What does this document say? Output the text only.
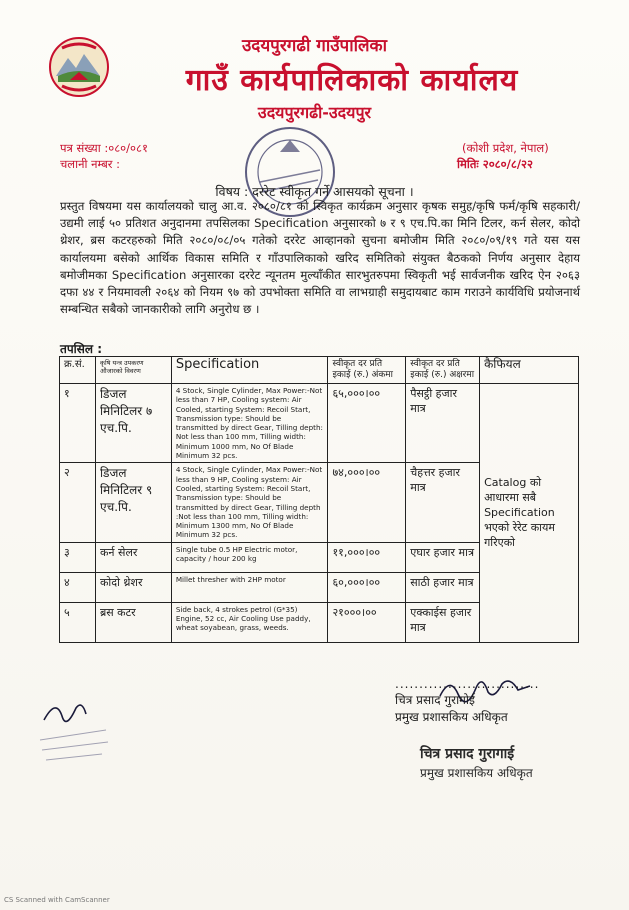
उदयपुरगढी गाउँपालिका
गाउँ कार्यपालिकाको कार्यालय
उदयपुरगढी-उदयपुर
पत्र संख्या :०८०/०८१
चलानी नम्बर :
(कोशी प्रदेश, नेपाल)
मितिः २०८०/८/२२
विषय : दररेट स्वीकृत गर्ने आसयको सूचना ।
प्रस्तुत विषयमा यस कार्यालयको चालु आ.व. २०८०/८१ को स्विकृत कार्यक्रम अनुसार कृषक समुह/कृषि फर्म/कृषि सहकारी/उद्यमी लाई ५० प्रतिशत अनुदानमा तपसिलका Specification अनुसारको ७ र ९ एच.पि.का मिनि टिलर, कर्न सेलर, कोदो थ्रेशर, ब्रस कटरहरुको मिति २०८०/०८/०५ गतेको दररेट आव्हानको सुचना बमोजीम मिति २०८०/०९/१९ गते यस यस कार्यालयमा बसेको आर्थिक विकास समिति र गाँउपालिकाको खरिद समितिको संयुक्त बैठकको निर्णय अनुसार देहाय बमोजीमका Specification अनुसारका दररेट न्यूनतम मुल्याँकीत सारभुतरुपमा स्विकृती भई सार्वजनीक खरिद ऐन २०६३ दफा ४४ र नियमावली २०६४ को नियम ९७ को उपभोक्ता समिति वा लाभग्राही समुदायबाट काम गराउने कार्यविधि प्रयोजनार्थ सम्बन्धित सबैको जानकारीको लागि अनुरोध छ ।
तपसिल :
क्र.सं.	कृषि यन्त्र उपकरण औजारको विवरण	Specification	स्वीकृत दर प्रति इकाई (रु.) अंकमा	स्वीकृत दर प्रति इकाई (रु.) अक्षरमा	कैफियल
१	डिजल मिनिटिलर ७ एच.पि.	4 Stock, Single Cylinder, Max Power:-Not less than 7 HP, Cooling system: Air Cooled, starting System: Recoil Start, Transmission type: Should be transmitted by direct Gear, Tilling depth: Not less than 100 mm, Tilling width: Minimum 1000 mm, No Of Blade Minimum 32 pcs.	६५,०००।००	पैसट्ठी हजार मात्र	Catalog को आधारमा सबै Specification भएको रेरेट कायम गरिएको
२	डिजल मिनिटिलर ९ एच.पि.	4 Stock, Single Cylinder, Max Power:-Not less than 9 HP, Cooling system: Air Cooled, starting System: Recoil Start, Transmission type: Should be transmitted by direct Gear, Tilling depth :Not less than 100 mm, Tilling width: Minimum 1300 mm, No Of Blade Minimum 32 pcs.	७४,०००।००	चैहत्तर हजार मात्र	
३	कर्न सेलर	Single tube 0.5 HP Electric motor, capacity / hour 200 kg	११,०००।००	एघार हजार मात्र	
४	कोदो थ्रेशर	Millet thresher with 2HP motor	६०,०००।००	साठी हजार मात्र	
५	ब्रस कटर	Side back, 4 strokes petrol (G*35) Engine, 52 cc, Air Cooling Use paddy, wheat soyabean, grass, weeds.	२१०००।००	एक्काईस हजार मात्र	
..............................
चित्र प्रसाद गुरागोई
प्रमुख प्रशासकिय अधिकृत
चित्र प्रसाद गुरागाई
प्रमुख प्रशासकिय अधिकृत
CS Scanned with CamScanner
